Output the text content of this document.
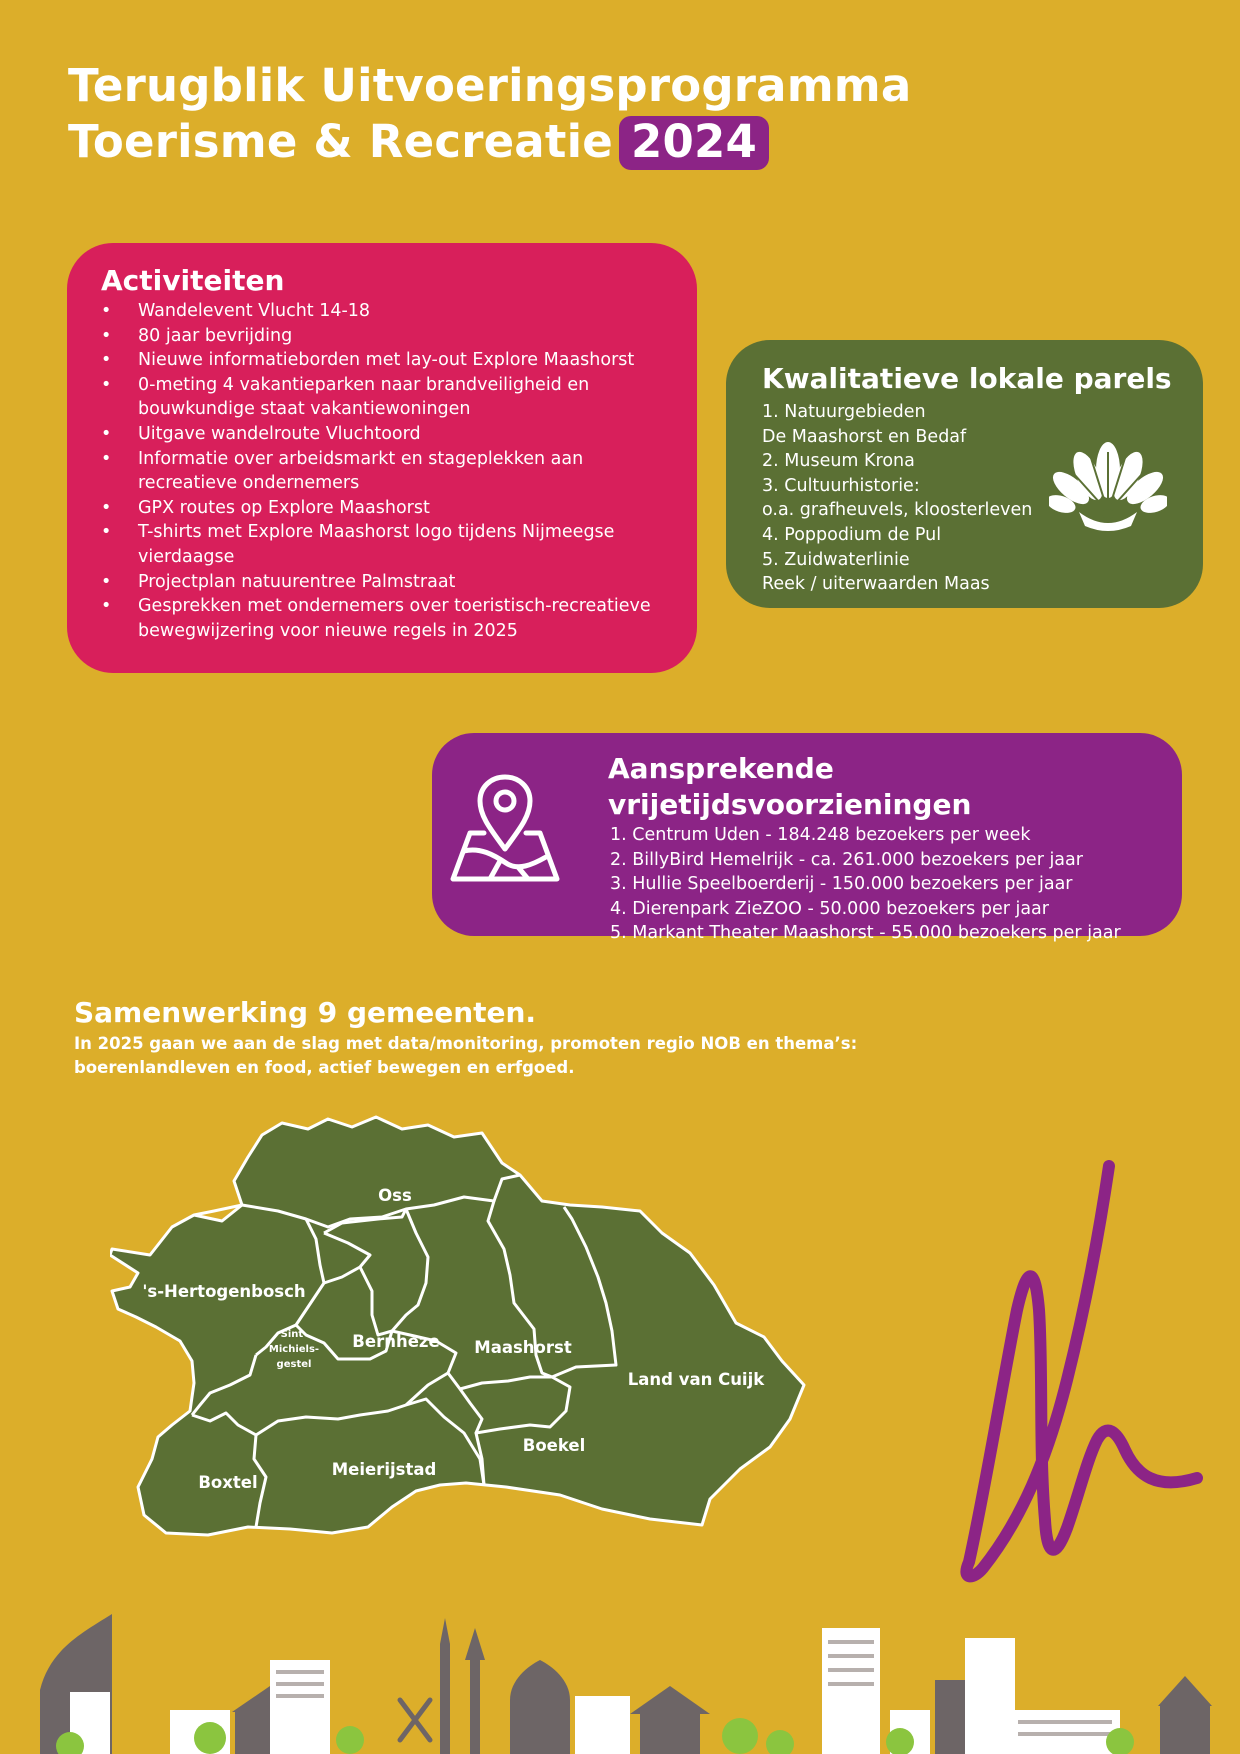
Terugblik Uitvoeringsprogramma
Toerisme & Recreatie 2024
Activiteiten
• Wandelevent Vlucht 14-18
• 80 jaar bevrijding
• Nieuwe informatieborden met lay-out Explore Maashorst
• 0-meting 4 vakantieparken naar brandveiligheid en bouwkundige staat vakantiewoningen
• Uitgave wandelroute Vluchtoord
• Informatie over arbeidsmarkt en stageplekken aan recreatieve ondernemers
• GPX routes op Explore Maashorst
• T-shirts met Explore Maashorst logo tijdens Nijmeegse vierdaagse
• Projectplan natuurentree Palmstraat
• Gesprekken met ondernemers over toeristisch-recreatieve bewegwijzering voor nieuwe regels in 2025
Kwalitatieve lokale parels
1. Natuurgebieden
De Maashorst en Bedaf
2. Museum Krona
3. Cultuurhistorie:
o.a. grafheuvels, kloosterleven
4. Poppodium de Pul
5. Zuidwaterlinie
Reek / uiterwaarden Maas
Aansprekende vrijetijdsvoorzieningen
1. Centrum Uden - 184.248 bezoekers per week
2. BillyBird Hemelrijk - ca. 261.000 bezoekers per jaar
3. Hullie Speelboerderij - 150.000 bezoekers per jaar
4. Dierenpark ZieZOO - 50.000 bezoekers per jaar
5. Markant Theater Maashorst - 55.000 bezoekers per jaar
Samenwerking 9 gemeenten.

In 2025 gaan we aan de slag met data/monitoring, promoten regio NOB en thema’s:

boerenlandleven en food, actief bewegen en erfgoed.

Oss
's-Hertogenbosch
Sint-
Michiels-
gestel
Bernheze Maashorst
Land van Cuijk
Boekel
Meierijstad
Boxtel
